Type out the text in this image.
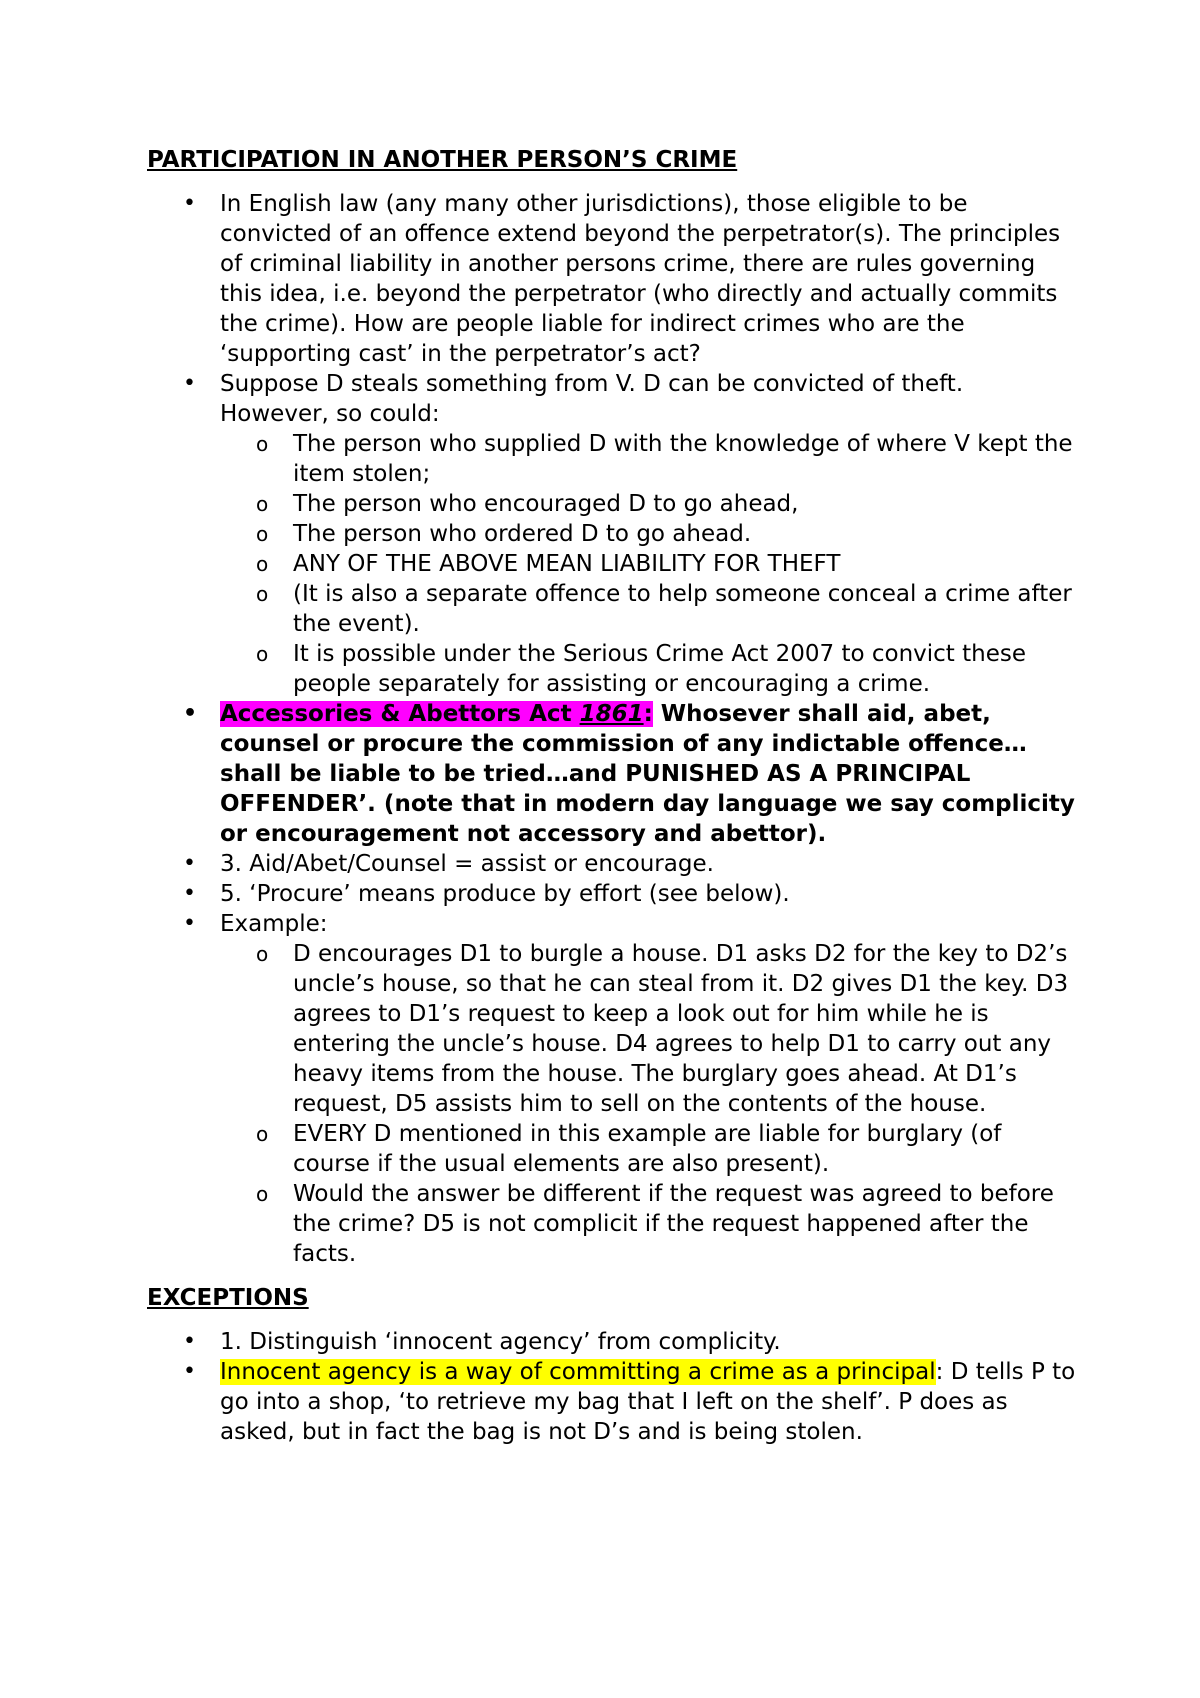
PARTICIPATION IN ANOTHER PERSON’S CRIME
• In English law (any many other jurisdictions), those eligible to be convicted of an offence extend beyond the perpetrator(s). The principles of criminal liability in another persons crime, there are rules governing this idea, i.e. beyond the perpetrator (who directly and actually commits the crime). How are people liable for indirect crimes who are the ‘supporting cast’ in the perpetrator’s act?
• Suppose D steals something from V. D can be convicted of theft. However, so could:
o The person who supplied D with the knowledge of where V kept the item stolen;
o The person who encouraged D to go ahead,
o The person who ordered D to go ahead.
o ANY OF THE ABOVE MEAN LIABILITY FOR THEFT
o (It is also a separate offence to help someone conceal a crime after the event).
o It is possible under the Serious Crime Act 2007 to convict these people separately for assisting or encouraging a crime.
• Accessories & Abettors Act 1861: Whosever shall aid, abet, counsel or procure the commission of any indictable offence…shall be liable to be tried…and PUNISHED AS A PRINCIPAL OFFENDER’. (note that in modern day language we say complicity or encouragement not accessory and abettor).
• 3. Aid/Abet/Counsel = assist or encourage.
• 5. ‘Procure’ means produce by effort (see below).
• Example:
o D encourages D1 to burgle a house. D1 asks D2 for the key to D2’s uncle’s house, so that he can steal from it. D2 gives D1 the key. D3 agrees to D1’s request to keep a look out for him while he is entering the uncle’s house. D4 agrees to help D1 to carry out any heavy items from the house. The burglary goes ahead. At D1’s request, D5 assists him to sell on the contents of the house.
o EVERY D mentioned in this example are liable for burglary (of course if the usual elements are also present).
o Would the answer be different if the request was agreed to before the crime? D5 is not complicit if the request happened after the facts.
EXCEPTIONS
• 1. Distinguish ‘innocent agency’ from complicity.
• Innocent agency is a way of committing a crime as a principal: D tells P to go into a shop, ‘to retrieve my bag that I left on the shelf’. P does as asked, but in fact the bag is not D’s and is being stolen.
